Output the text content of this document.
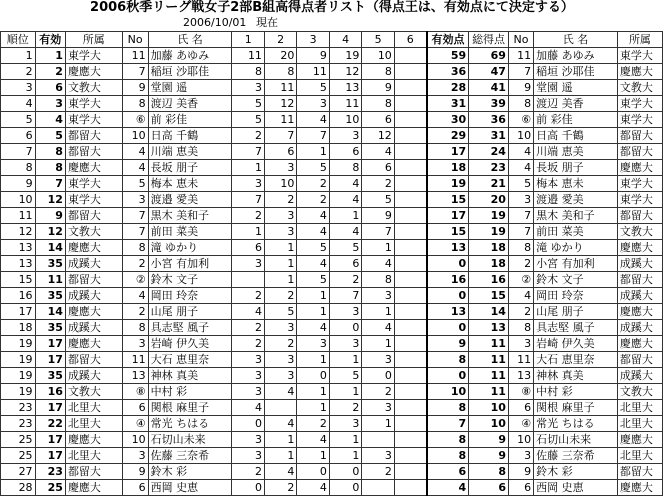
2006秋季リーグ戦女子2部B組高得点者リスト（得点王は、有効点にて決定する）
2006/10/01 現在
順位	有効	所属	No	氏 名	1	2	3	4	5	6	有効点	総得点	No	氏 名	所属
1	1	東学大	11	加藤 あゆみ	11	20	9	19	10		59	69	11	加藤 あゆみ	東学大
2	2	慶應大	7	稲垣 沙耶佳	8	8	11	12	8		36	47	7	稲垣 沙耶佳	慶應大
3	6	文教大	9	堂園 遥	3	11	5	13	9		28	41	9	堂園 遥	文教大
4	3	東学大	8	渡辺 美香	5	12	3	11	8		31	39	8	渡辺 美香	東学大
5	4	東学大	⑥	前 彩佳	5	11	4	10	6		30	36	⑥	前 彩佳	東学大
6	5	都留大	10	日高 千鶴	2	7	7	3	12		29	31	10	日高 千鶴	都留大
7	8	都留大	4	川端 恵美	7	6	1	6	4		17	24	4	川端 恵美	都留大
8	8	慶應大	4	長坂 朋子	1	3	5	8	6		18	23	4	長坂 朋子	慶應大
9	7	東学大	5	梅本 恵未	3	10	2	4	2		19	21	5	梅本 恵未	東学大
10	12	東学大	3	渡邉 愛美	7	2	2	4	5		15	20	3	渡邉 愛美	東学大
11	9	都留大	7	黒木 美和子	2	3	4	1	9		17	19	7	黒木 美和子	都留大
12	12	文教大	7	前田 菜美	1	3	4	4	7		15	19	7	前田 菜美	文教大
13	14	慶應大	8	滝 ゆかり	6	1	5	5	1		13	18	8	滝 ゆかり	慶應大
13	35	成蹊大	2	小宮 有加利	3	1	4	6	4		0	18	2	小宮 有加利	成蹊大
15	11	都留大	②	鈴木 文子		1	5	2	8		16	16	②	鈴木 文子	都留大
16	35	成蹊大	4	岡田 玲奈	2	2	1	7	3		0	15	4	岡田 玲奈	成蹊大
17	14	慶應大	2	山尾 朋子	4	5	1	3	1		13	14	2	山尾 朋子	慶應大
18	35	成蹊大	8	具志堅 風子	2	3	4	0	4		0	13	8	具志堅 風子	成蹊大
19	17	慶應大	3	岩崎 伊久美	2	2	3	3	1		9	11	3	岩崎 伊久美	慶應大
19	17	都留大	11	大石 恵里奈	3	3	1	1	3		8	11	11	大石 恵里奈	都留大
19	35	成蹊大	13	神林 真美	3	3	0	5	0		0	11	13	神林 真美	成蹊大
19	16	文教大	⑧	中村 彩	3	4	1	1	2		10	11	⑧	中村 彩	文教大
23	17	北里大	6	関根 麻里子	4		1	2	3		8	10	6	関根 麻里子	北里大
23	22	北里大	④	常光 ちはる	0	4	2	3	1		7	10	④	常光 ちはる	北里大
25	17	慶應大	10	石切山未来	3	1	4	1			8	9	10	石切山未来	慶應大
25	17	北里大	3	佐藤 三奈希	3	1	1	1	3		8	9	3	佐藤 三奈希	北里大
27	23	都留大	9	鈴木 彩	2	4	0	0	2		6	8	9	鈴木 彩	都留大
28	25	慶應大	6	西岡 史恵	0	2	4	0			4	6	6	西岡 史恵	慶應大
